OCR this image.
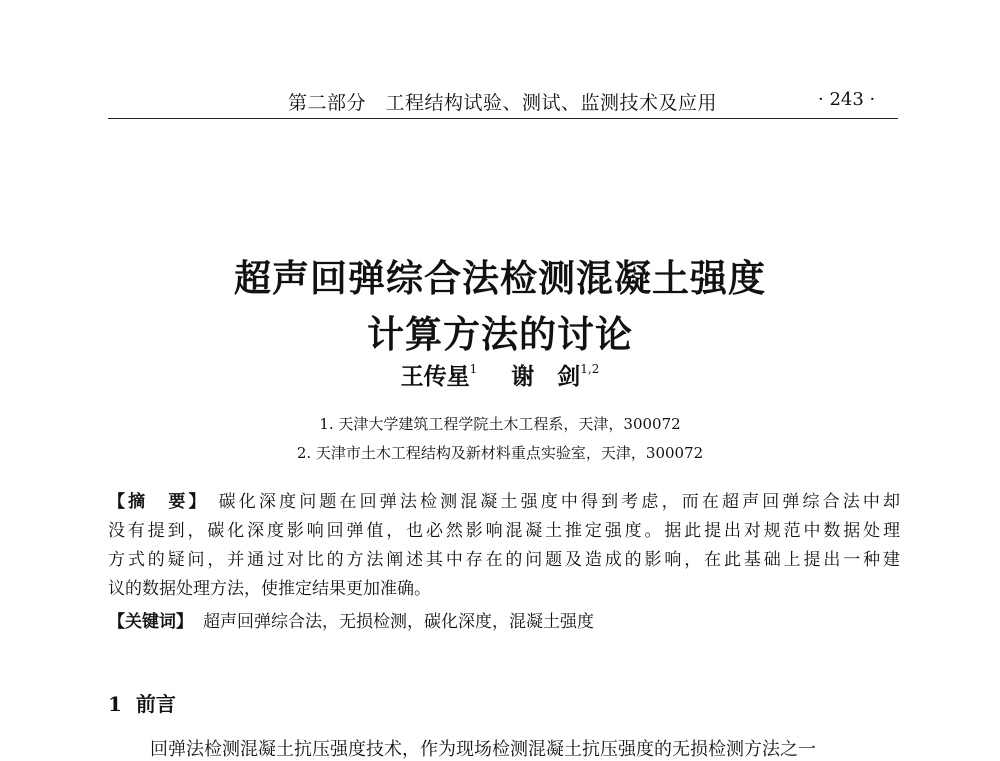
第二部分　工程结构试验、测试、监测技术及应用	· 243 ·
超声回弹综合法检测混凝土强度
计算方法的讨论
王传星$^1$ 谢　剑$^{1,2}$
1. 天津大学建筑工程学院土木工程系，天津，300072
2. 天津市土木工程结构及新材料重点实验室，天津，300072
【摘　要】 碳化深度问题在回弹法检测混凝土强度中得到考虑，而在超声回弹综合法中却
没有提到，碳化深度影响回弹值，也必然影响混凝土推定强度。据此提出对规范中数据处理
方式的疑问，并通过对比的方法阐述其中存在的问题及造成的影响，在此基础上提出一种建
议的数据处理方法，使推定结果更加准确。
【关键词】 超声回弹综合法，无损检测，碳化深度，混凝土强度
1 前言
回弹法检测混凝土抗压强度技术，作为现场检测混凝土抗压强度的无损检测方法之一
